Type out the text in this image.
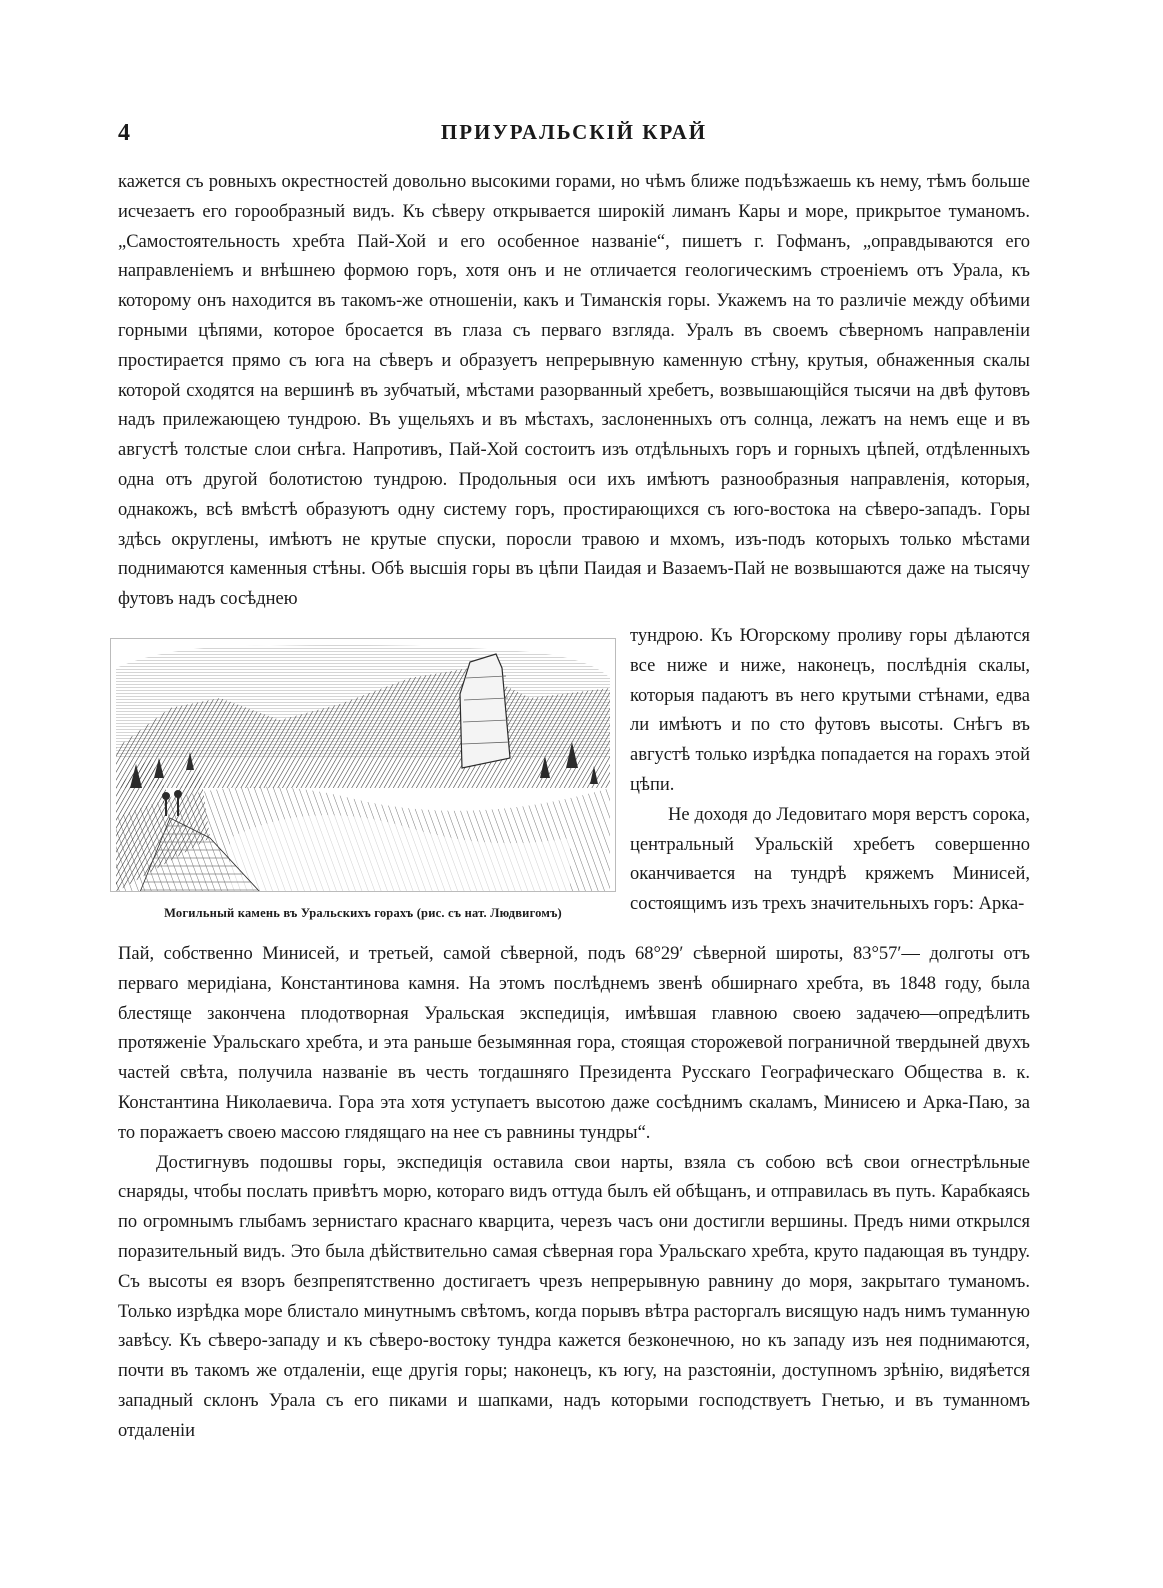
4	ПРИУРАЛЬСКIЙ КРАЙ

кажется съ ровныхъ окрестностей довольно высокими горами, но чѣмъ ближе подъѣзжаешь къ нему, тѣмъ больше исчезаетъ его горообразный видъ. Къ сѣверу открывается широкiй лиманъ Кары и море, прикрытое туманомъ. „Самостоятельность хребта Пай-Хой и его особенное названiе“, пишетъ г. Гофманъ, „оправдываются его направленiемъ и внѣшнею формою горъ, хотя онъ и не отличается геологическимъ строенiемъ отъ Урала, къ которому онъ находится въ такомъ-же отношенiи, какъ и Тиманскiя горы. Укажемъ на то различiе между обѣими горными цѣпями, которое бросается въ глаза съ перваго взгляда. Уралъ въ своемъ сѣверномъ направленiи простирается прямо съ юга на сѣверъ и образуетъ непрерывную каменную стѣну, крутыя, обнаженныя скалы которой сходятся на вершинѣ въ зубчатый, мѣстами разорванный хребетъ, возвышающiйся тысячи на двѣ футовъ надъ прилежающею тундрою. Въ ущельяхъ и въ мѣстахъ, заслоненныхъ отъ солнца, лежатъ на немъ еще и въ августѣ толстые слои снѣга. Напротивъ, Пай-Хой состоитъ изъ отдѣльныхъ горъ и горныхъ цѣпей, отдѣленныхъ одна отъ другой болотистою тундрою. Продольныя оси ихъ имѣютъ разнообразныя направленiя, которыя, однакожъ, всѣ вмѣстѣ образуютъ одну систему горъ, простирающихся съ юго-востока на сѣверо-западъ. Горы здѣсь округлены, имѣютъ не крутые спуски, поросли травою и мхомъ, изъ-подъ которыхъ только мѣстами поднимаются каменныя стѣны. Обѣ высшiя горы въ цѣпи Паидая и Вазаемъ-Пай не возвышаются даже на тысячу футовъ надъ сосѣднею

Могильный камень въ Уральскихъ горахъ (рис. съ нат. Людвигомъ)

тундрою. Къ Югорскому проливу горы дѣлаются все ниже и ниже, наконецъ, послѣднiя скалы, которыя падаютъ въ него крутыми стѣнами, едва ли имѣютъ и по сто футовъ высоты. Снѣгъ въ августѣ только изрѣдка попадается на горахъ этой цѣпи.

Не доходя до Ледовитаго моря верстъ сорока, центральный Уральскiй хребетъ совершенно оканчивается на тундрѣ кряжемъ Минисей, состоящимъ изъ трехъ значительныхъ горъ: Арка-

Пай, собственно Минисей, и третьей, самой сѣверной, подъ 68°29′ сѣверной широты, 83°57′— долготы отъ перваго меридiана, Константинова камня. На этомъ послѣднемъ звенѣ обширнаго хребта, въ 1848 году, была блестяще закончена плодотворная Уральская экспедицiя, имѣвшая главною своею задачею—опредѣлить протяженiе Уральскаго хребта, и эта раньше безымянная гора, стоящая сторожевой пограничной твердыней двухъ частей свѣта, получила названiе въ честь тогдашняго Президента Русскаго Географическаго Общества в. к. Константина Николаевича. Гора эта хотя уступаетъ высотою даже сосѣднимъ скаламъ, Минисею и Арка-Паю, за то поражаетъ своею массою глядящаго на нее съ равнины тундры“.

Достигнувъ подошвы горы, экспедицiя оставила свои нарты, взяла съ собою всѣ свои огнестрѣльные снаряды, чтобы послать привѣтъ морю, котораго видъ оттуда былъ ей обѣщанъ, и отправилась въ путь. Карабкаясь по огромнымъ глыбамъ зернистаго краснаго кварцита, черезъ часъ они достигли вершины. Предъ ними открылся поразительный видъ. Это была дѣйствительно самая сѣверная гора Уральскаго хребта, круто падающая въ тундру. Съ высоты ея взоръ безпрепятственно достигаетъ чрезъ непрерывную равнину до моря, закрытаго туманомъ. Только изрѣдка море блистало минутнымъ свѣтомъ, когда порывъ вѣтра расторгалъ висящую надъ нимъ туманную завѣсу. Къ сѣверо-западу и къ сѣверо-востоку тундра кажется безконечною, но къ западу изъ нея поднимаются, почти въ такомъ же отдаленiи, еще другiя горы; наконецъ, къ югу, на разстоянiи, доступномъ зрѣнiю, видяѣется западный склонъ Урала съ его пиками и шапками, надъ которыми господствуетъ Гнетью, и въ туманномъ отдаленiи
